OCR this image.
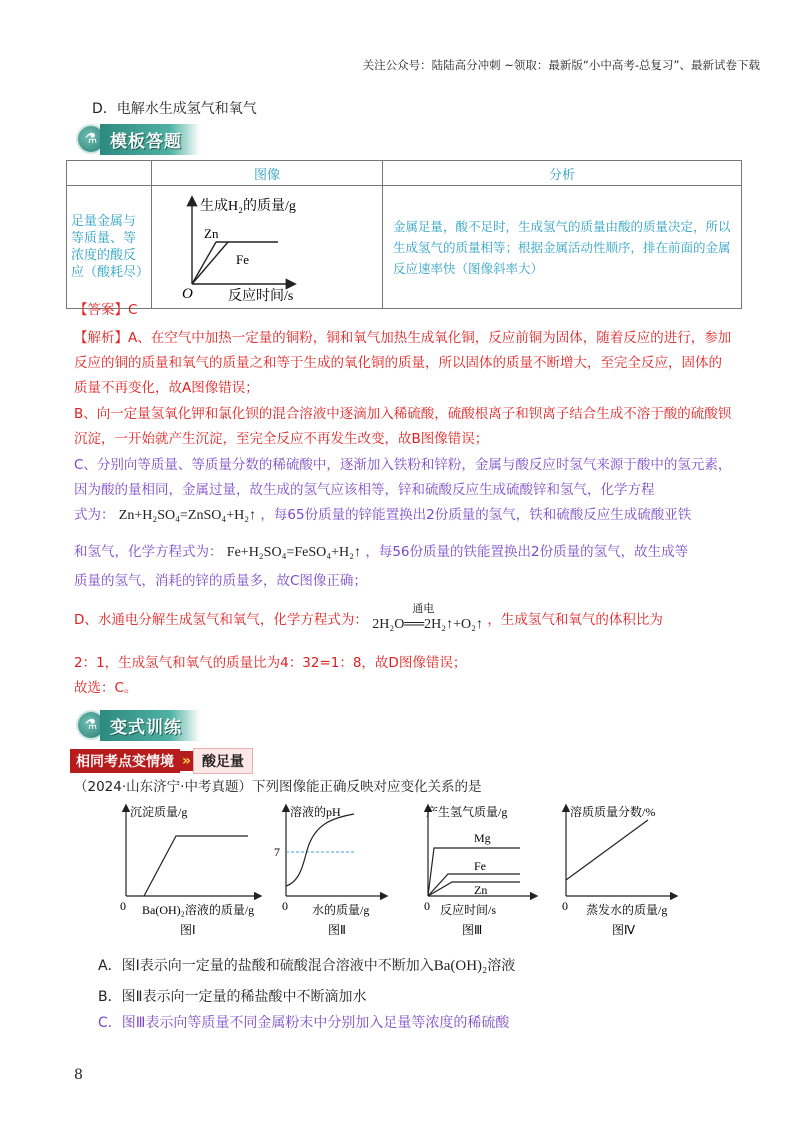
关注公众号：陆陆高分冲刺 ~领取：最新版“小中高考-总复习”、最新试卷下载
D．电解水生成氢气和氧气
⚗ 模板答题
	图像	分析
足量金属与等质量、等浓度的酸反应（酸耗尽）	生成H₂的质量/g
Zn
Fe
O 反应时间/s	金属足量，酸不足时，生成氢气的质量由酸的质量决定，所以生成氢气的质量相等；根据金属活动性顺序，排在前面的金属反应速率快（图像斜率大）
【答案】C
【解析】A、在空气中加热一定量的铜粉，铜和氧气加热生成氧化铜，反应前铜为固体，随着反应的进行，参加反应的铜的质量和氧气的质量之和等于生成的氧化铜的质量，所以固体的质量不断增大，至完全反应，固体的质量不再变化，故A图像错误；
B、向一定量氢氧化钾和氯化钡的混合溶液中逐滴加入稀硫酸，硫酸根离子和钡离子结合生成不溶于酸的硫酸钡沉淀，一开始就产生沉淀，至完全反应不再发生改变，故B图像错误；
C、分别向等质量、等质量分数的稀硫酸中，逐渐加入铁粉和锌粉，金属与酸反应时氢气来源于酸中的氢元素，因为酸的量相同，金属过量，故生成的氢气应该相等，锌和硫酸反应生成硫酸锌和氢气，化学方程
式为： Zn+H₂SO₄=ZnSO₄+H₂↑ ，每65份质量的锌能置换出2份质量的氢气，铁和硫酸反应生成硫酸亚铁
和氢气，化学方程式为： Fe+H₂SO₄=FeSO₄+H₂↑ ，每56份质量的铁能置换出2份质量的氢气，故生成等
质量的氢气，消耗的锌的质量多，故C图像正确；
D、水通电分解生成氢气和氧气，化学方程式为：
通电
2H₂O══2H₂↑+O₂↑ ，生成氢气和氧气的体积比为
2：1，生成氢气和氧气的质量比为4：32=1：8，故D图像错误；
故选：C。
⚗ 变式训练
相同考点变情境 » 酸足量
（2024·山东济宁·中考真题）下列图像能正确反映对应变化关系的是
沉淀质量/g
0 Ba(OH)₂溶液的质量/g
图Ⅰ
溶液的pH
7
0 水的质量/g
图Ⅱ
产生氢气质量/g
Mg
Fe
Zn
0 反应时间/s
图Ⅲ
溶质质量分数/%
0 蒸发水的质量/g
图Ⅳ
A．图Ⅰ表示向一定量的盐酸和硫酸混合溶液中不断加入Ba(OH)₂溶液
B．图Ⅱ表示向一定量的稀盐酸中不断滴加水
C．图Ⅲ表示向等质量不同金属粉末中分别加入足量等浓度的稀硫酸
8
